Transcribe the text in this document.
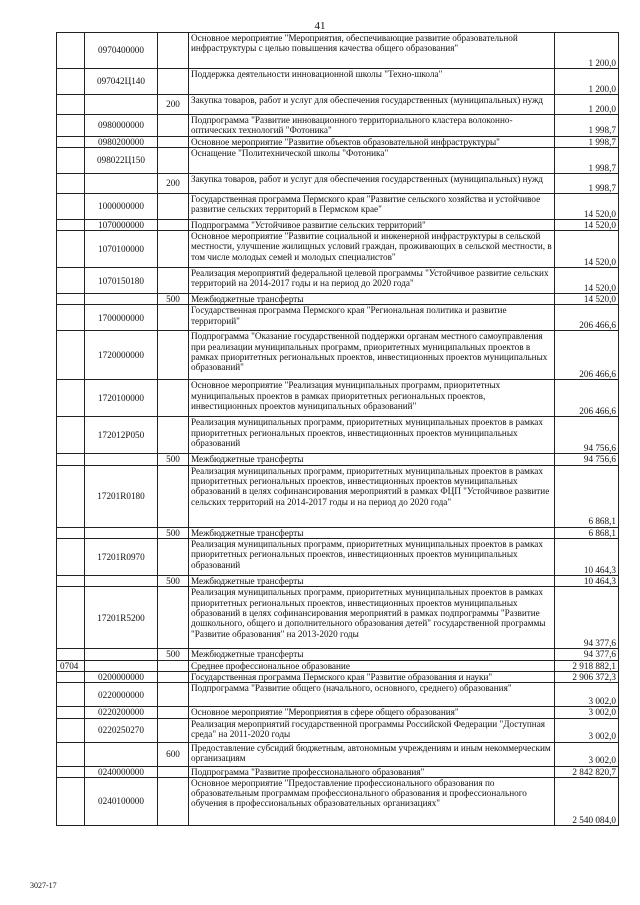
41
	0970400000		Основное мероприятие "Мероприятия, обеспечивающие развитие образовательной инфраструктуры с целью повышения качества общего образования"	1 200,0
	097042Ц140		Поддержка деятельности инновационной школы "Техно-школа"	1 200,0
		200	Закупка товаров, работ и услуг для обеспечения государственных (муниципальных) нужд	1 200,0
	0980000000		Подпрограмма "Развитие инновационного территориального кластера волоконно-оптических технологий "Фотоника"	1 998,7
	0980200000		Основное мероприятие "Развитие объектов образовательной инфраструктуры"	1 998,7
	098022Ц150		Оснащение "Политехнической школы "Фотоника"	1 998,7
		200	Закупка товаров, работ и услуг для обеспечения государственных (муниципальных) нужд	1 998,7
	1000000000		Государственная программа Пермского края "Развитие сельского хозяйства и устойчивое развитие сельских территорий в Пермском крае"	14 520,0
	1070000000		Подпрограмма "Устойчивое развитие сельских территорий"	14 520,0
	1070100000		Основное мероприятие "Развитие социальной и инженерной инфраструктуры в сельской местности, улучшение жилищных условий граждан, проживающих в сельской местности, в том числе молодых семей и молодых специалистов"	14 520,0
	1070150180		Реализация мероприятий федеральной целевой программы "Устойчивое развитие сельских территорий на 2014-2017 годы и на период до 2020 года"	14 520,0
		500	Межбюджетные трансферты	14 520,0
	1700000000		Государственная программа Пермского края "Региональная политика и развитие территорий"	206 466,6
	1720000000		Подпрограмма "Оказание государственной поддержки органам местного самоуправления при реализации муниципальных программ, приоритетных муниципальных проектов в рамках приоритетных региональных проектов, инвестиционных проектов муниципальных образований"	206 466,6
	1720100000		Основное мероприятие "Реализация муниципальных программ, приоритетных муниципальных проектов в рамках приоритетных региональных проектов, инвестиционных проектов муниципальных образований"	206 466,6
	172012Р050		Реализация муниципальных программ, приоритетных муниципальных проектов в рамках приоритетных региональных проектов, инвестиционных проектов муниципальных образований	94 756,6
		500	Межбюджетные трансферты	94 756,6
	17201R0180		Реализация муниципальных программ, приоритетных муниципальных проектов в рамках приоритетных региональных проектов, инвестиционных проектов муниципальных образований в целях софинансирования мероприятий в рамках ФЦП "Устойчивое развитие сельских территорий на 2014-2017 годы и на период до 2020 года"	6 868,1
		500	Межбюджетные трансферты	6 868,1
	17201R0970		Реализация муниципальных программ, приоритетных муниципальных проектов в рамках приоритетных региональных проектов, инвестиционных проектов муниципальных образований	10 464,3
		500	Межбюджетные трансферты	10 464,3
	17201R5200		Реализация муниципальных программ, приоритетных муниципальных проектов в рамках приоритетных региональных проектов, инвестиционных проектов муниципальных образований в целях софинансирования мероприятий в рамках подпрограммы "Развитие дошкольного, общего и дополнительного образования детей" государственной программы "Развитие образования" на 2013-2020 годы	94 377,6
		500	Межбюджетные трансферты	94 377,6
0704			Среднее профессиональное образование	2 918 882,1
	0200000000		Государственная программа Пермского края "Развитие образования и науки"	2 906 372,3
	0220000000		Подпрограмма "Развитие общего (начального, основного, среднего) образования"	3 002,0
	0220200000		Основное мероприятие "Мероприятия в сфере общего образования"	3 002,0
	0220250270		Реализация мероприятий государственной программы Российской Федерации "Доступная среда" на 2011-2020 годы	3 002,0
		600	Предоставление субсидий бюджетным, автономным учреждениям и иным некоммерческим организациям	3 002,0
	0240000000		Подпрограмма "Развитие профессионального образования"	2 842 820,7
	0240100000		Основное мероприятие "Предоставление профессионального образования по образовательным программам профессионального образования и профессионального обучения в профессиональных образовательных организациях"	2 540 084,0
3027-17
